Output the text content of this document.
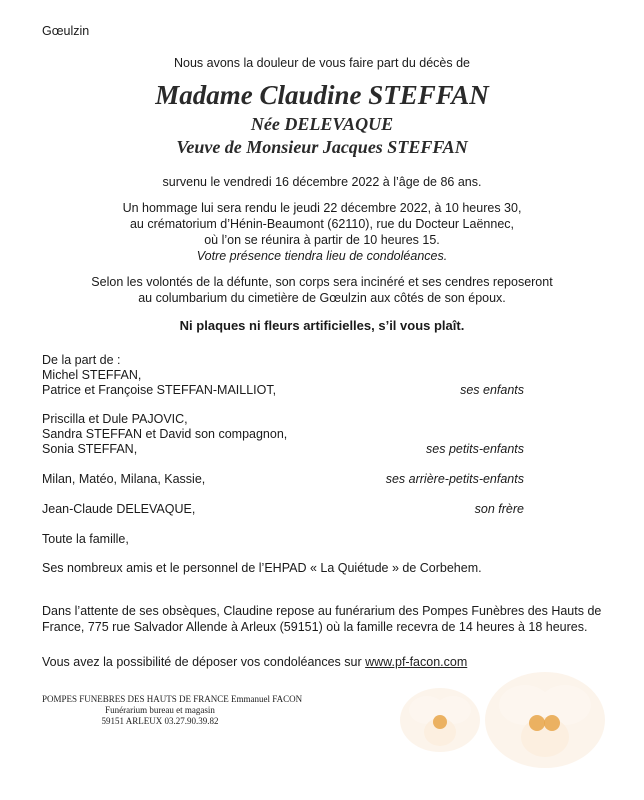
Gœulzin
Nous avons la douleur de vous faire part du décès de
Madame Claudine STEFFAN
Née DELEVAQUE
Veuve de Monsieur Jacques STEFFAN
survenu le vendredi 16 décembre 2022 à l’âge de 86 ans.
Un hommage lui sera rendu le jeudi 22 décembre 2022, à 10 heures 30,
au crématorium d’Hénin-Beaumont (62110), rue du Docteur Laënnec,
où l’on se réunira à partir de 10 heures 15.
Votre présence tiendra lieu de condoléances.
Selon les volontés de la défunte, son corps sera incinéré et ses cendres reposeront
au columbarium du cimetière de Gœulzin aux côtés de son époux.
Ni plaques ni fleurs artificielles, s’il vous plaît.
De la part de :
Michel STEFFAN,
Patrice et Françoise STEFFAN-MAILLIOT,	ses enfants
Priscilla et Dule PAJOVIC,
Sandra STEFFAN et David son compagnon,
Sonia STEFFAN,	ses petits-enfants
Milan, Matéo, Milana, Kassie,	ses arrière-petits-enfants
Jean-Claude DELEVAQUE,	son frère
Toute la famille,
Ses nombreux amis et le personnel de l’EHPAD « La Quiétude » de Corbehem.
Dans l’attente de ses obsèques, Claudine repose au funérarium des Pompes Funèbres des Hauts de
France, 775 rue Salvador Allende à Arleux (59151) où la famille recevra de 14 heures à 18 heures.
Vous avez la possibilité de déposer vos condoléances sur www.pf-facon.com
POMPES FUNEBRES DES HAUTS DE FRANCE Emmanuel FACON
Funérarium bureau et magasin
59151 ARLEUX 03.27.90.39.82
